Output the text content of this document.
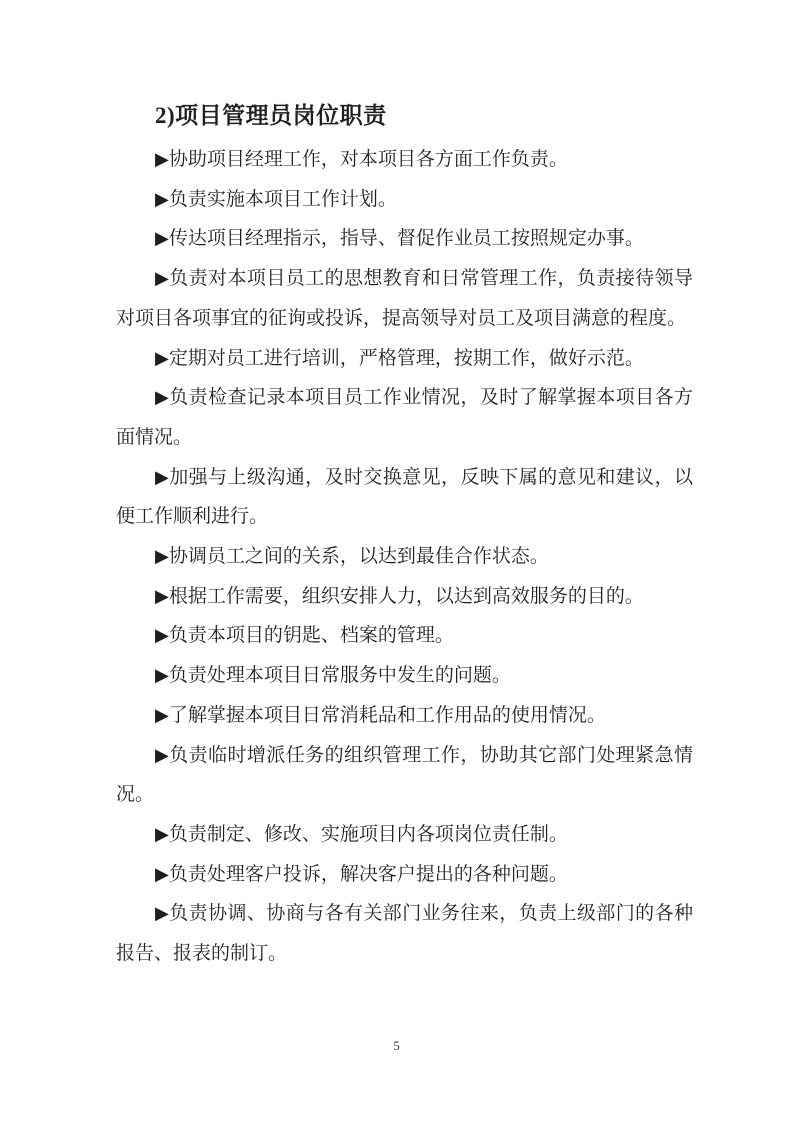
2)项目管理员岗位职责

▶协助项目经理工作，对本项目各方面工作负责。

▶负责实施本项目工作计划。

▶传达项目经理指示，指导、督促作业员工按照规定办事。

▶负责对本项目员工的思想教育和日常管理工作，负责接待领导对项目各项事宜的征询或投诉，提高领导对员工及项目满意的程度。

▶定期对员工进行培训，严格管理，按期工作，做好示范。

▶负责检查记录本项目员工作业情况，及时了解掌握本项目各方面情况。

▶加强与上级沟通，及时交换意见，反映下属的意见和建议，以便工作顺利进行。

▶协调员工之间的关系，以达到最佳合作状态。

▶根据工作需要，组织安排人力，以达到高效服务的目的。

▶负责本项目的钥匙、档案的管理。

▶负责处理本项目日常服务中发生的问题。

▶了解掌握本项目日常消耗品和工作用品的使用情况。

▶负责临时增派任务的组织管理工作，协助其它部门处理紧急情况。

▶负责制定、修改、实施项目内各项岗位责任制。

▶负责处理客户投诉，解决客户提出的各种问题。

▶负责协调、协商与各有关部门业务往来，负责上级部门的各种报告、报表的制订。

5
